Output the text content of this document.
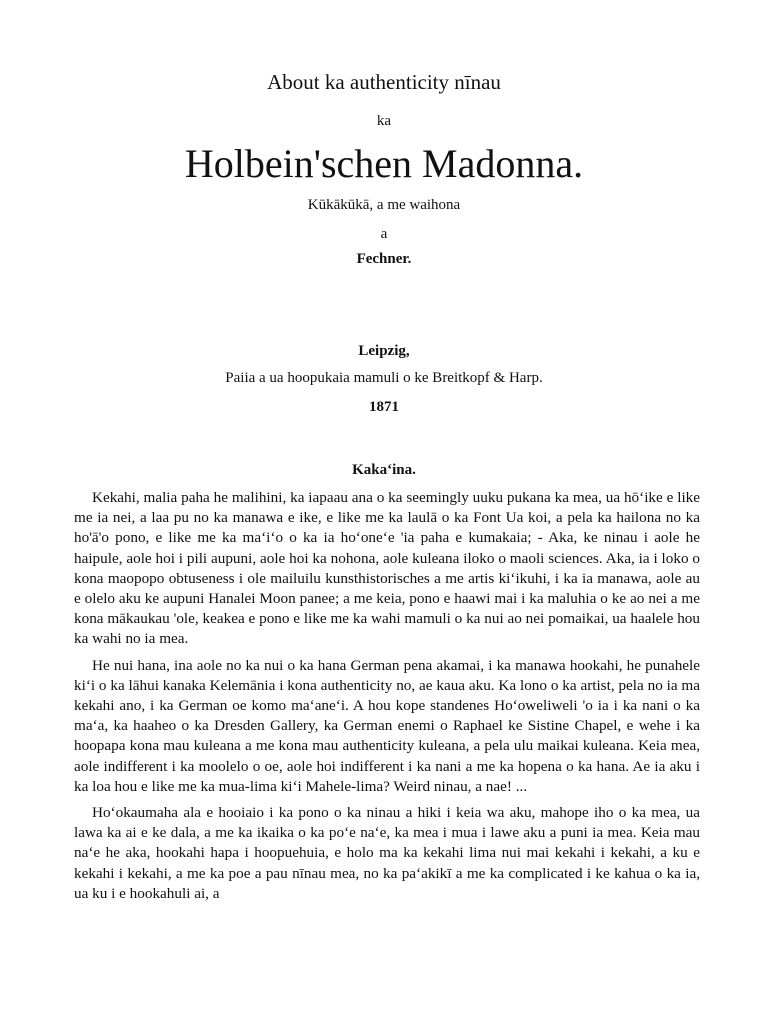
About ka authenticity nīnau
ka
Holbein'schen Madonna.
Kūkākūkā, a me waihona
a
Fechner.
Leipzig,
Paiia a ua hoopukaia mamuli o ke Breitkopf & Harp.
1871
Kaka‘ina.

Kekahi, malia paha he malihini, ka iapaau ana o ka seemingly uuku pukana ka mea, ua hō‘ike e like me ia nei, a laa pu no ka manawa e ike, e like me ka laulā o ka Font Ua koi, a pela ka hailona no ka ho'ā'o pono, e like me ka ma‘i‘o o ka ia ho‘one‘e 'ia paha e kumakaia; - Aka, ke ninau i aole he haipule, aole hoi i pili aupuni, aole hoi ka nohona, aole kuleana iloko o maoli sciences. Aka, ia i loko o kona maopopo obtuseness i ole mailuilu kunsthistorisches a me artis ki‘ikuhi, i ka ia manawa, aole au e olelo aku ke aupuni Hanalei Moon panee; a me keia, pono e haawi mai i ka maluhia o ke ao nei a me kona mākaukau 'ole, keakea e pono e like me ka wahi mamuli o ka nui ao nei pomaikai, ua haalele hou ka wahi no ia mea.

He nui hana, ina aole no ka nui o ka hana German pena akamai, i ka manawa hookahi, he punahele ki‘i o ka lāhui kanaka Kelemānia i kona authenticity no, ae kaua aku. Ka lono o ka artist, pela no ia ma kekahi ano, i ka German oe komo ma‘ane‘i. A hou kope standenes Ho‘oweliweli 'o ia i ka nani o ka ma‘a, ka haaheo o ka Dresden Gallery, ka German enemi o Raphael ke Sistine Chapel, e wehe i ka hoopapa kona mau kuleana a me kona mau authenticity kuleana, a pela ulu maikai kuleana. Keia mea, aole indifferent i ka moolelo o oe, aole hoi indifferent i ka nani a me ka hopena o ka hana. Ae ia aku i ka loa hou e like me ka mua-lima ki‘i Mahele-lima? Weird ninau, a nae! ...

Ho‘okaumaha ala e hooiaio i ka pono o ka ninau a hiki i keia wa aku, mahope iho o ka mea, ua lawa ka ai e ke dala, a me ka ikaika o ka po‘e na‘e, ka mea i mua i lawe aku a puni ia mea. Keia mau na‘e he aka, hookahi hapa i hoopuehuia, e holo ma ka kekahi lima nui mai kekahi i kekahi, a ku e kekahi i kekahi, a me ka poe a pau nīnau mea, no ka pa‘akikī a me ka complicated i ke kahua o ka ia, ua ku i e hookahuli ai, a
